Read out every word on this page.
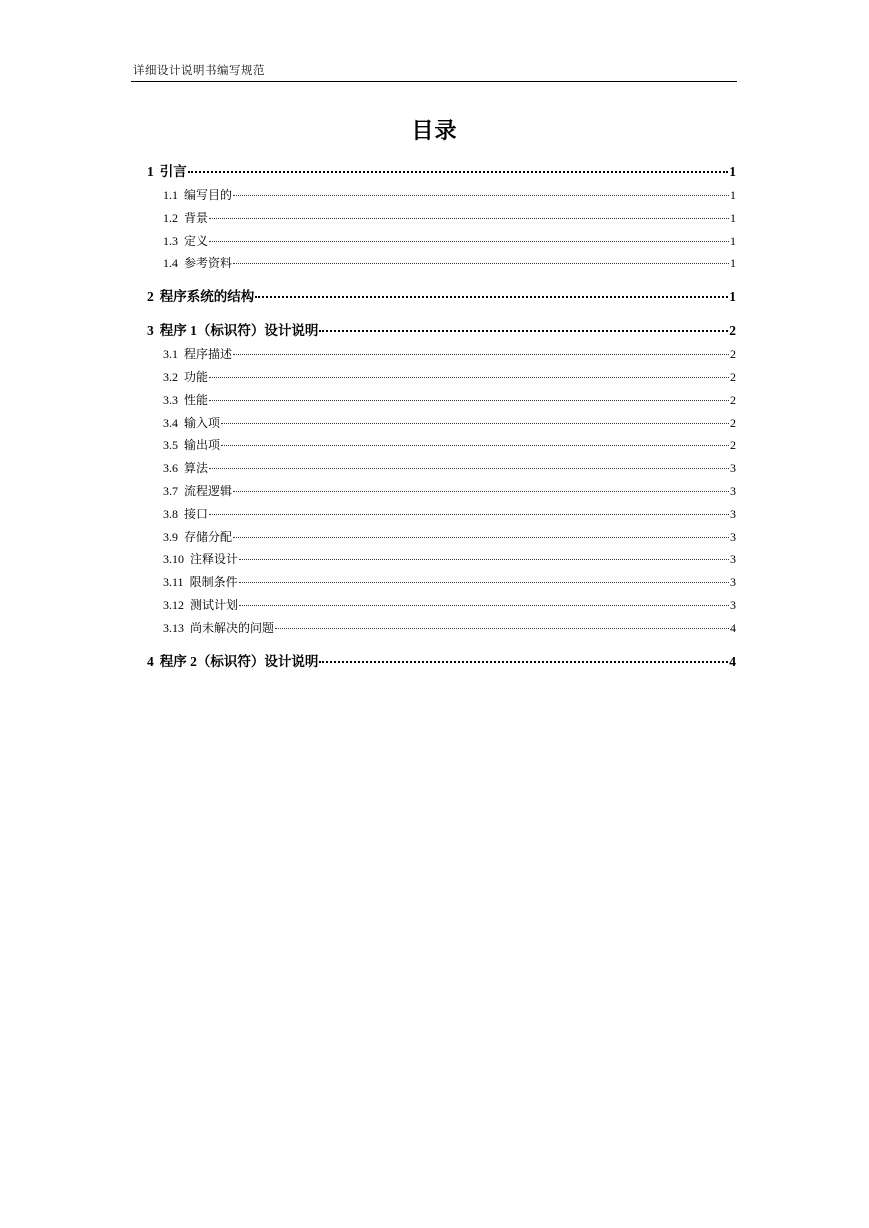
详细设计说明书编写规范
目录
1 引言	1
1.1 编写目的	1
1.2 背景	1
1.3 定义	1
1.4 参考资料	1
2 程序系统的结构	1
3 程序 1（标识符）设计说明	2
3.1 程序描述	2
3.2 功能	2
3.3 性能	2
3.4 输入项	2
3.5 输出项	2
3.6 算法	3
3.7 流程逻辑	3
3.8 接口	3
3.9 存储分配	3
3.10 注释设计	3
3.11 限制条件	3
3.12 测试计划	3
3.13 尚未解决的问题	4
4 程序 2（标识符）设计说明	4
